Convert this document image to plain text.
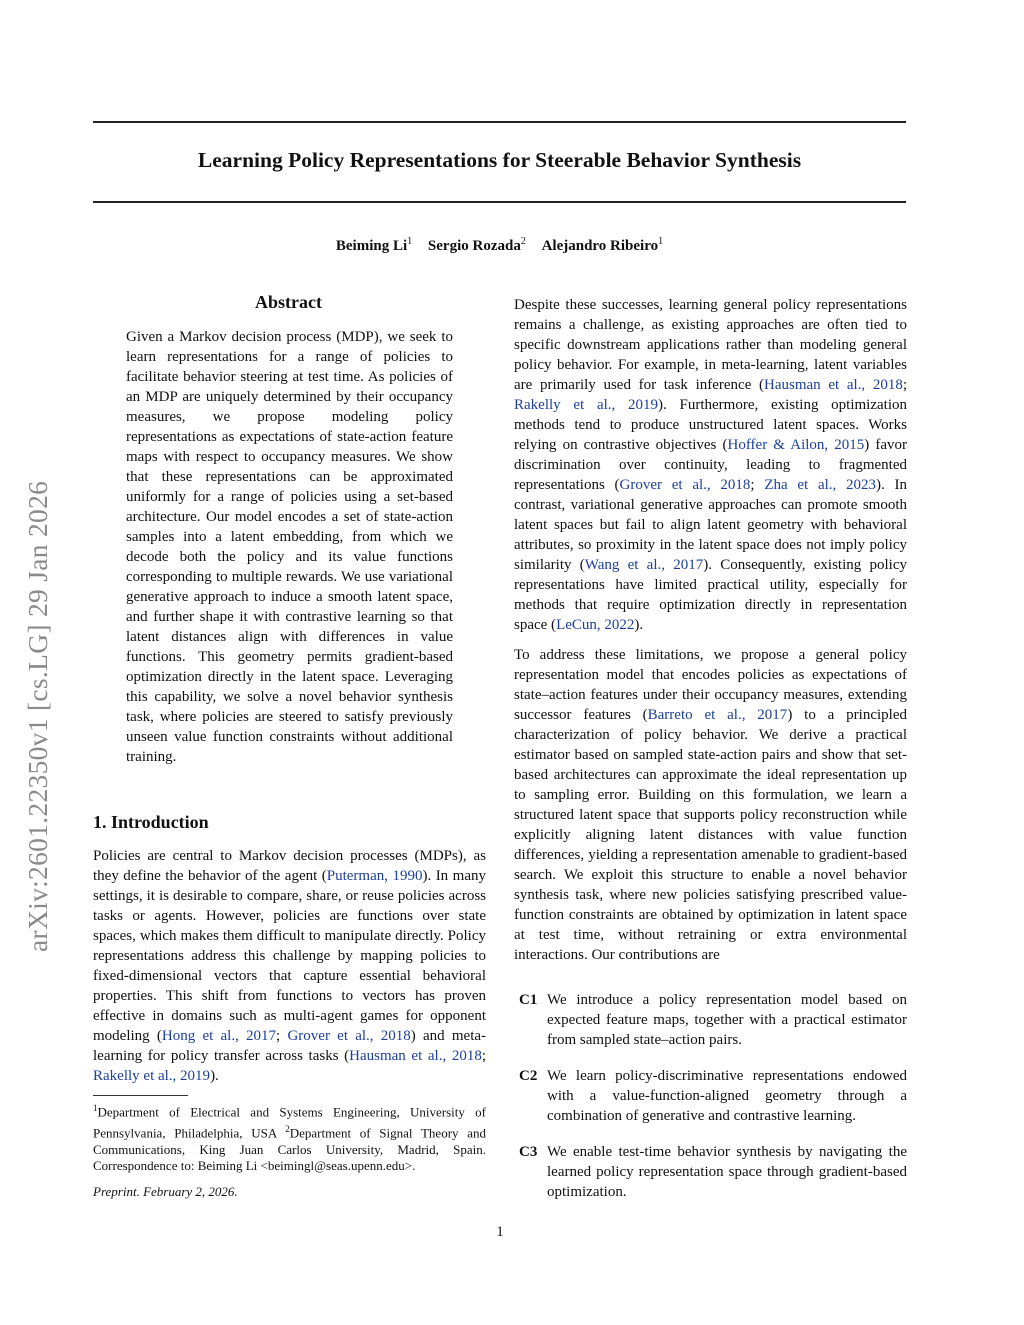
arXiv:2601.22350v1 [cs.LG] 29 Jan 2026
Learning Policy Representations for Steerable Behavior Synthesis
Beiming Li$^1$ Sergio Rozada$^2$ Alejandro Ribeiro$^1$
Abstract
Given a Markov decision process (MDP), we seek to learn representations for a range of policies to facilitate behavior steering at test time. As policies of an MDP are uniquely determined by their occupancy measures, we propose modeling policy representations as expectations of state-action feature maps with respect to occupancy measures. We show that these representations can be approximated uniformly for a range of policies using a set-based architecture. Our model encodes a set of state-action samples into a latent embedding, from which we decode both the policy and its value functions corresponding to multiple rewards. We use variational generative approach to induce a smooth latent space, and further shape it with contrastive learning so that latent distances align with differences in value functions. This geometry permits gradient-based optimization directly in the latent space. Leveraging this capability, we solve a novel behavior synthesis task, where policies are steered to satisfy previously unseen value function constraints without additional training.
1. Introduction
Policies are central to Markov decision processes (MDPs), as they define the behavior of the agent (Puterman, 1990). In many settings, it is desirable to compare, share, or reuse policies across tasks or agents. However, policies are functions over state spaces, which makes them difficult to manipulate directly. Policy representations address this challenge by mapping policies to fixed-dimensional vectors that capture essential behavioral properties. This shift from functions to vectors has proven effective in domains such as multi-agent games for opponent modeling (Hong et al., 2017; Grover et al., 2018) and meta-learning for policy transfer across tasks (Hausman et al., 2018; Rakelly et al., 2019).
$^1$Department of Electrical and Systems Engineering, University of Pennsylvania, Philadelphia, USA $^2$Department of Signal Theory and Communications, King Juan Carlos University, Madrid, Spain. Correspondence to: Beiming Li <beimingl@seas.upenn.edu>.
Preprint. February 2, 2026.
Despite these successes, learning general policy representations remains a challenge, as existing approaches are often tied to specific downstream applications rather than modeling general policy behavior. For example, in meta-learning, latent variables are primarily used for task inference (Hausman et al., 2018; Rakelly et al., 2019). Furthermore, existing optimization methods tend to produce unstructured latent spaces. Works relying on contrastive objectives (Hoffer & Ailon, 2015) favor discrimination over continuity, leading to fragmented representations (Grover et al., 2018; Zha et al., 2023). In contrast, variational generative approaches can promote smooth latent spaces but fail to align latent geometry with behavioral attributes, so proximity in the latent space does not imply policy similarity (Wang et al., 2017). Consequently, existing policy representations have limited practical utility, especially for methods that require optimization directly in representation space (LeCun, 2022).
To address these limitations, we propose a general policy representation model that encodes policies as expectations of state–action features under their occupancy measures, extending successor features (Barreto et al., 2017) to a principled characterization of policy behavior. We derive a practical estimator based on sampled state-action pairs and show that set-based architectures can approximate the ideal representation up to sampling error. Building on this formulation, we learn a structured latent space that supports policy reconstruction while explicitly aligning latent distances with value function differences, yielding a representation amenable to gradient-based search. We exploit this structure to enable a novel behavior synthesis task, where new policies satisfying prescribed value-function constraints are obtained by optimization in latent space at test time, without retraining or extra environmental interactions. Our contributions are
C1 We introduce a policy representation model based on expected feature maps, together with a practical estimator from sampled state–action pairs.
C2 We learn policy-discriminative representations endowed with a value-function-aligned geometry through a combination of generative and contrastive learning.
C3 We enable test-time behavior synthesis by navigating the learned policy representation space through gradient-based optimization.
1
